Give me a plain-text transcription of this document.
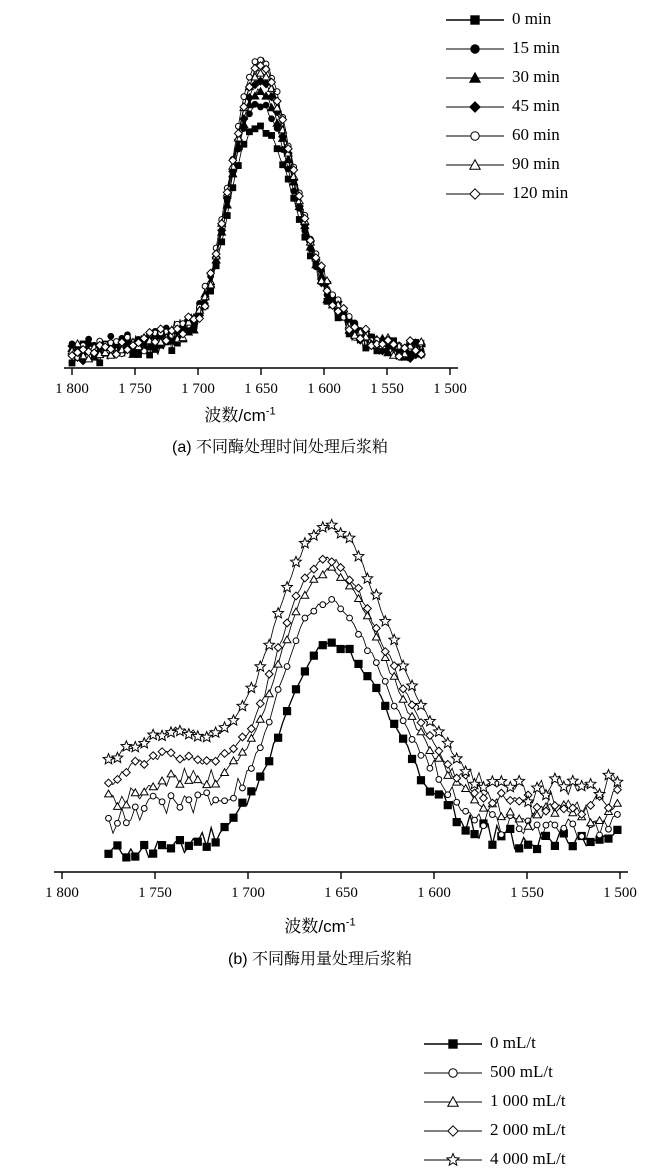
1 800 1 750 1 700 1 650 1 600 1 550 1 500
0 min
15 min
30 min
45 min
60 min
90 min
120 min
波数$/cm^{-1}$
(a) 不同酶处理时间处理后浆粕
1 800	1 750	1 700	1 650	1 600	1 550	1 500
0 mL/t
500 mL/t
1 000 mL/t
2 000 mL/t
4 000 mL/t
波数$/cm^{-1}$
(b) 不同酶用量处理后浆粕
